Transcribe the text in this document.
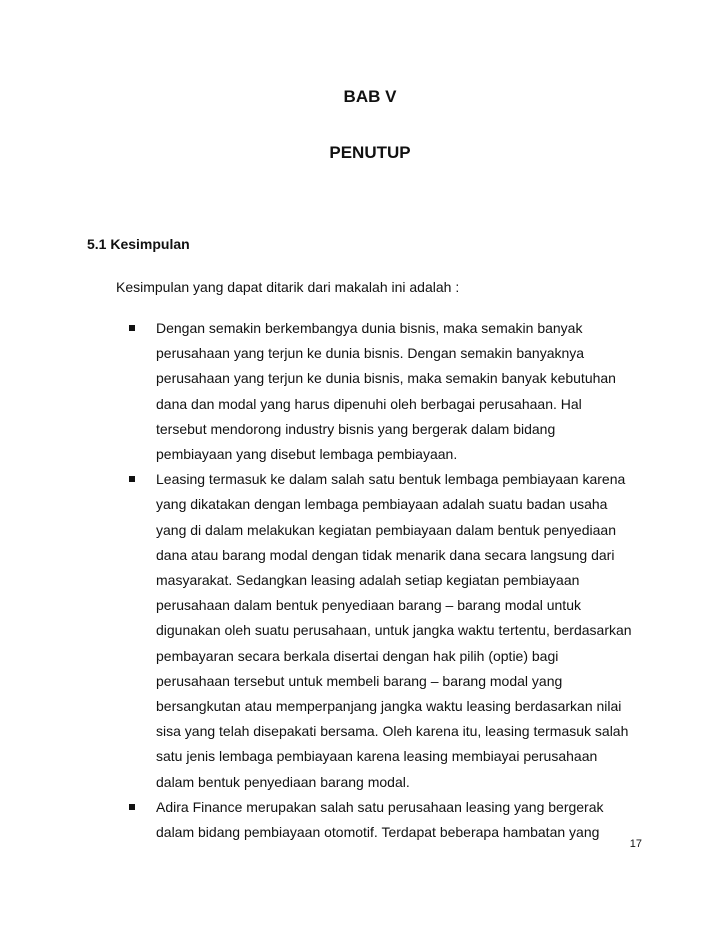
BAB V
PENUTUP
5.1 Kesimpulan
Kesimpulan yang dapat ditarik dari makalah ini adalah :
Dengan semakin berkembangya dunia bisnis, maka semakin banyak
perusahaan yang terjun ke dunia bisnis. Dengan semakin banyaknya
perusahaan yang terjun ke dunia bisnis, maka semakin banyak kebutuhan
dana dan modal yang harus dipenuhi oleh berbagai perusahaan. Hal
tersebut mendorong industry bisnis yang bergerak dalam bidang
pembiayaan yang disebut lembaga pembiayaan.
Leasing termasuk ke dalam salah satu bentuk lembaga pembiayaan karena
yang dikatakan dengan lembaga pembiayaan adalah suatu badan usaha
yang di dalam melakukan kegiatan pembiayaan dalam bentuk penyediaan
dana atau barang modal dengan tidak menarik dana secara langsung dari
masyarakat. Sedangkan leasing adalah setiap kegiatan pembiayaan
perusahaan dalam bentuk penyediaan barang – barang modal untuk
digunakan oleh suatu perusahaan, untuk jangka waktu tertentu, berdasarkan
pembayaran secara berkala disertai dengan hak pilih (optie) bagi
perusahaan tersebut untuk membeli barang – barang modal yang
bersangkutan atau memperpanjang jangka waktu leasing berdasarkan nilai
sisa yang telah disepakati bersama. Oleh karena itu, leasing termasuk salah
satu jenis lembaga pembiayaan karena leasing membiayai perusahaan
dalam bentuk penyediaan barang modal.
Adira Finance merupakan salah satu perusahaan leasing yang bergerak
dalam bidang pembiayaan otomotif. Terdapat beberapa hambatan yang
17
